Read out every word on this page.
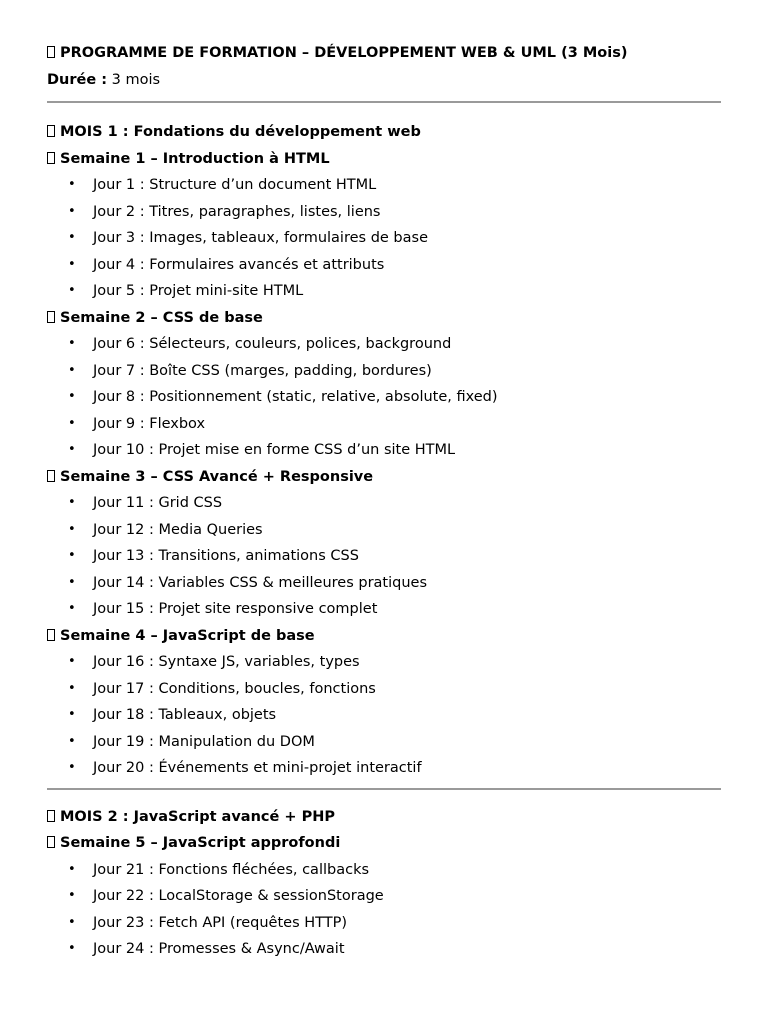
PROGRAMME DE FORMATION – DÉVELOPPEMENT WEB & UML (3 Mois)
Durée : 3 mois
MOIS 1 : Fondations du développement web
Semaine 1 – Introduction à HTML
• Jour 1 : Structure d’un document HTML
• Jour 2 : Titres, paragraphes, listes, liens
• Jour 3 : Images, tableaux, formulaires de base
• Jour 4 : Formulaires avancés et attributs
• Jour 5 : Projet mini-site HTML
Semaine 2 – CSS de base
• Jour 6 : Sélecteurs, couleurs, polices, background
• Jour 7 : Boîte CSS (marges, padding, bordures)
• Jour 8 : Positionnement (static, relative, absolute, fixed)
• Jour 9 : Flexbox
• Jour 10 : Projet mise en forme CSS d’un site HTML
Semaine 3 – CSS Avancé + Responsive
• Jour 11 : Grid CSS
• Jour 12 : Media Queries
• Jour 13 : Transitions, animations CSS
• Jour 14 : Variables CSS & meilleures pratiques
• Jour 15 : Projet site responsive complet
Semaine 4 – JavaScript de base
• Jour 16 : Syntaxe JS, variables, types
• Jour 17 : Conditions, boucles, fonctions
• Jour 18 : Tableaux, objets
• Jour 19 : Manipulation du DOM
• Jour 20 : Événements et mini-projet interactif
MOIS 2 : JavaScript avancé + PHP
Semaine 5 – JavaScript approfondi
• Jour 21 : Fonctions fléchées, callbacks
• Jour 22 : LocalStorage & sessionStorage
• Jour 23 : Fetch API (requêtes HTTP)
• Jour 24 : Promesses & Async/Await
